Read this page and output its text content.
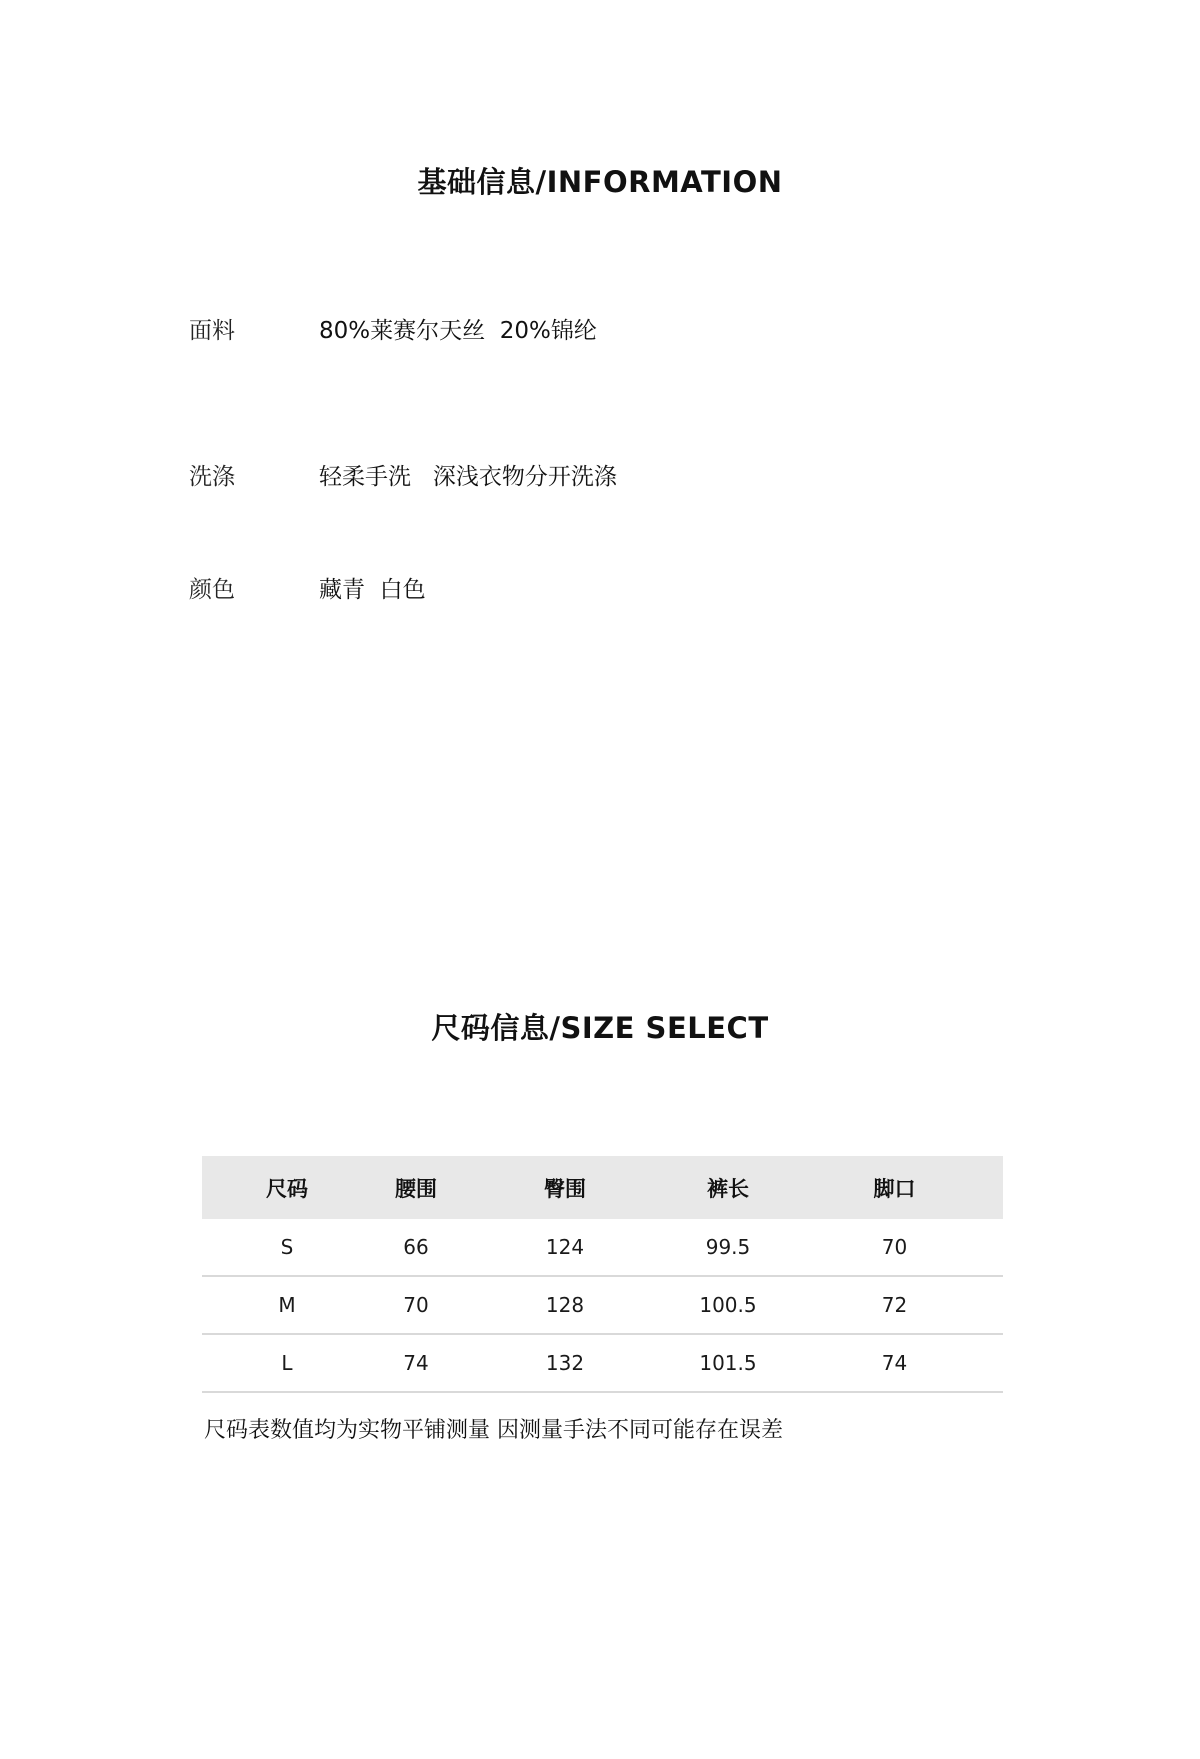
基础信息/INFORMATION
面料	80%莱赛尔天丝  20%锦纶
洗涤	轻柔手洗   深浅衣物分开洗涤
颜色	藏青  白色
尺码信息/SIZE SELECT
尺码	腰围	臀围	裤长	脚口
S	66	124	99.5	70
M	70	128	100.5	72
L	74	132	101.5	74

尺码表数值均为实物平铺测量 因测量手法不同可能存在误差
